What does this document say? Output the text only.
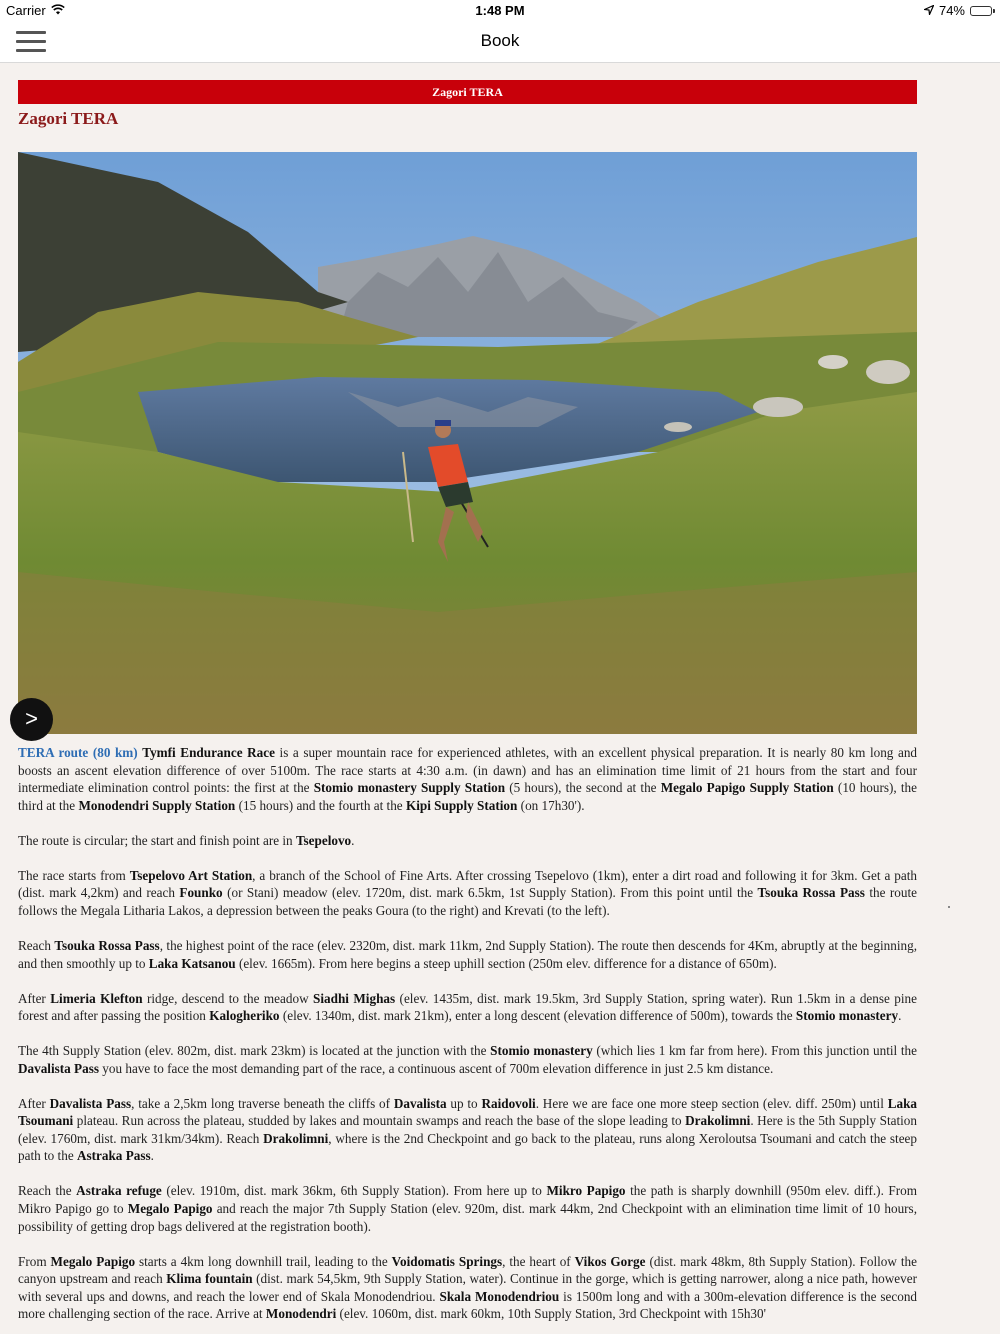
Carrier	1:48 PM	74%
Book
Zagori TERA
Zagori TERA
>

TERA route (80 km) Tymfi Endurance Race is a super mountain race for experienced athletes, with an excellent physical preparation. It is nearly 80 km long and boosts an ascent elevation difference of over 5100m. The race starts at 4:30 a.m. (in dawn) and has an elimination time limit of 21 hours from the start and four intermediate elimination control points: the first at the Stomio monastery Supply Station (5 hours), the second at the Megalo Papigo Supply Station (10 hours), the third at the Monodendri Supply Station (15 hours) and the fourth at the Kipi Supply Station (on 17h30').

The route is circular; the start and finish point are in Tsepelovo.

The race starts from Tsepelovo Art Station, a branch of the School of Fine Arts. After crossing Tsepelovo (1km), enter a dirt road and following it for 3km. Get a path (dist. mark 4,2km) and reach Founko (or Stani) meadow (elev. 1720m, dist. mark 6.5km, 1st Supply Station). From this point until the Tsouka Rossa Pass the route follows the Megala Litharia Lakos, a depression between the peaks Goura (to the right) and Krevati (to the left).

Reach Tsouka Rossa Pass, the highest point of the race (elev. 2320m, dist. mark 11km, 2nd Supply Station). The route then descends for 4Km, abruptly at the beginning, and then smoothly up to Laka Katsanou (elev. 1665m). From here begins a steep uphill section (250m elev. difference for a distance of 650m).

After Limeria Klefton ridge, descend to the meadow Siadhi Mighas (elev. 1435m, dist. mark 19.5km, 3rd Supply Station, spring water). Run 1.5km in a dense pine forest and after passing the position Kalogheriko (elev. 1340m, dist. mark 21km), enter a long descent (elevation difference of 500m), towards the Stomio monastery.

The 4th Supply Station (elev. 802m, dist. mark 23km) is located at the junction with the Stomio monastery (which lies 1 km far from here). From this junction until the Davalista Pass you have to face the most demanding part of the race, a continuous ascent of 700m elevation difference in just 2.5 km distance.

After Davalista Pass, take a 2,5km long traverse beneath the cliffs of Davalista up to Raidovoli. Here we are face one more steep section (elev. diff. 250m) until Laka Tsoumani plateau. Run across the plateau, studded by lakes and mountain swamps and reach the base of the slope leading to Drakolimni. Here is the 5th Supply Station (elev. 1760m, dist. mark 31km/34km). Reach Drakolimni, where is the 2nd Checkpoint and go back to the plateau, runs along Xeroloutsa Tsoumani and catch the steep path to the Astraka Pass.

Reach the Astraka refuge (elev. 1910m, dist. mark 36km, 6th Supply Station). From here up to Mikro Papigo the path is sharply downhill (950m elev. diff.). From Mikro Papigo go to Megalo Papigo and reach the major 7th Supply Station (elev. 920m, dist. mark 44km, 2nd Checkpoint with an elimination time limit of 10 hours, possibility of getting drop bags delivered at the registration booth).

From Megalo Papigo starts a 4km long downhill trail, leading to the Voidomatis Springs, the heart of Vikos Gorge (dist. mark 48km, 8th Supply Station). Follow the canyon upstream and reach Klima fountain (dist. mark 54,5km, 9th Supply Station, water). Continue in the gorge, which is getting narrower, along a nice path, however with several ups and downs, and reach the lower end of Skala Monodendriou. Skala Monodendriou is 1500m long and with a 300m-elevation difference is the second more challenging section of the race. Arrive at Monodendri (elev. 1060m, dist. mark 60km, 10th Supply Station, 3rd Checkpoint with 15h30'
